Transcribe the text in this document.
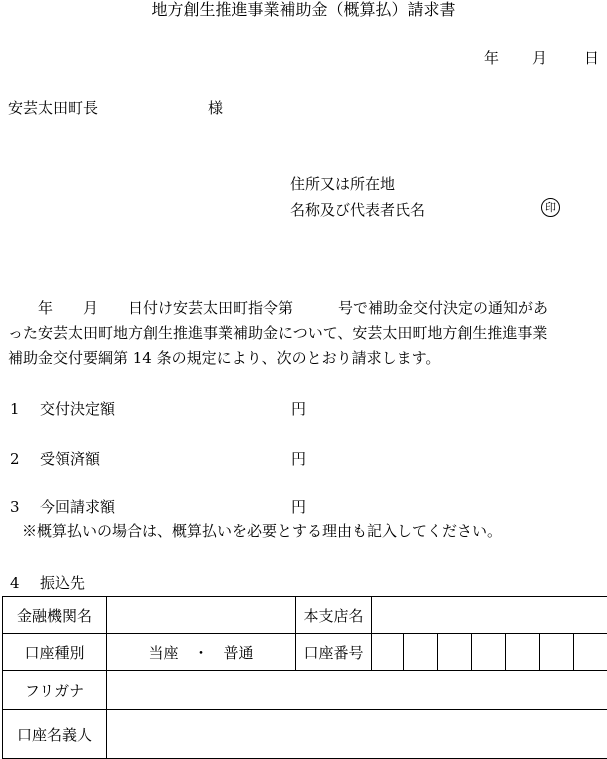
地方創生推進事業補助金（概算払）請求書
年 月 日
安芸太田町長	様
住所又は所在地
名称及び代表者氏名	印
　　年　　月　　日付け安芸太田町指令第　　　号で補助金交付決定の通知があ
った安芸太田町地方創生推進事業補助金について、安芸太田町地方創生推進事業
補助金交付要綱第 14 条の規定により、次のとおり請求します。
1 交付決定額	円
2 受領済額	円
3 今回請求額	円
※概算払いの場合は、概算払いを必要とする理由も記入してください。
4 振込先
金融機関名		本支店名							
口座種別	当座　・　普通	口座番号							
フリガナ									
口座名義人									
